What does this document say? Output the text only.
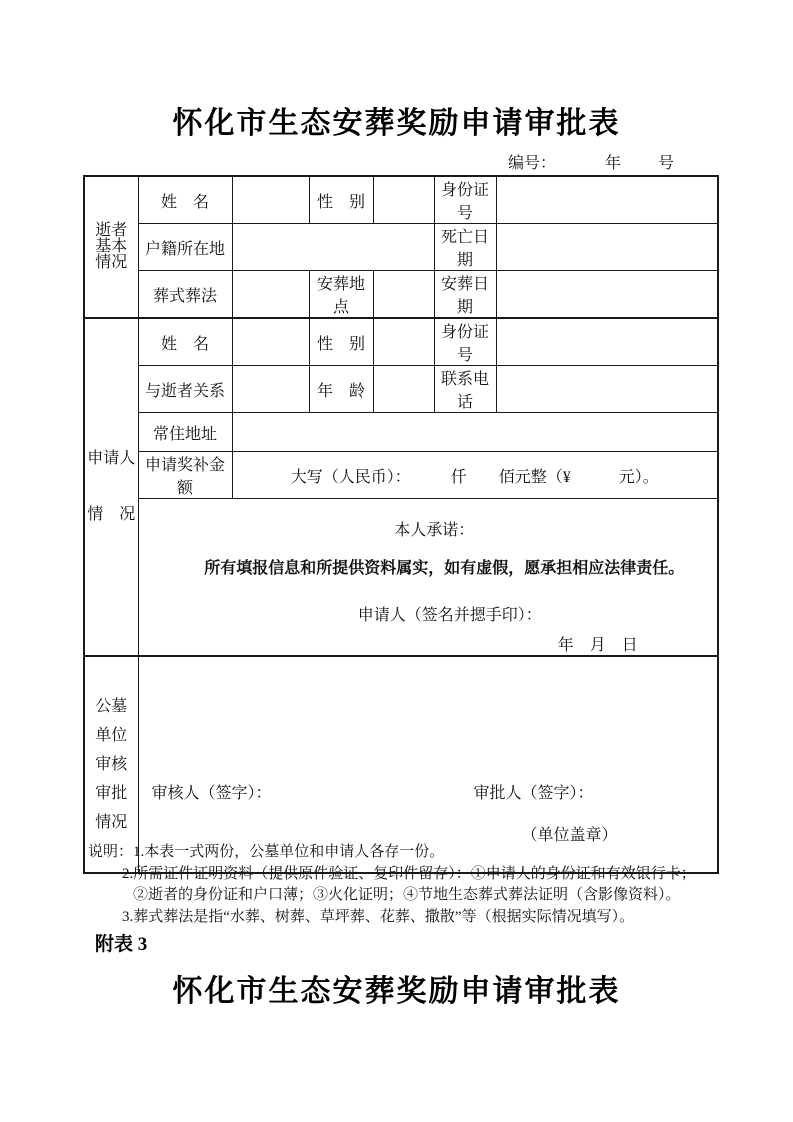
怀化市生态安葬奖励申请审批表
编号：	年 号
逝者
基本
情况	姓　名		性　别		身份证号	
	户籍所在地				死亡日期	
	葬式葬法		安葬地点		安葬日期	

申请人
情　况	姓　名		性　别		身份证号	
	与逝者关系		年　龄		联系电话	
	常住地址					
	申请奖补金额	大写（人民币）：　　　仟　　佰元整（¥　　　元）。				

	本人承诺：
所有填报信息和所提供资料属实，如有虚假，愿承担相应法律责任。
申请人（签名并摁手印）：
年　月　日					

公墓
单位
审核
审批
情况	审核人（签字）： 审批人（签字）：
（单位盖章）					
说明：1.本表一式两份，公墓单位和申请人各存一份。
2.所需证件证明资料（提供原件验证、复印件留存）：①申请人的身份证和有效银行卡；
②逝者的身份证和户口薄；③火化证明；④节地生态葬式葬法证明（含影像资料）。
3.葬式葬法是指“水葬、树葬、草坪葬、花葬、撒散”等（根据实际情况填写）。
附表 3
怀化市生态安葬奖励申请审批表
